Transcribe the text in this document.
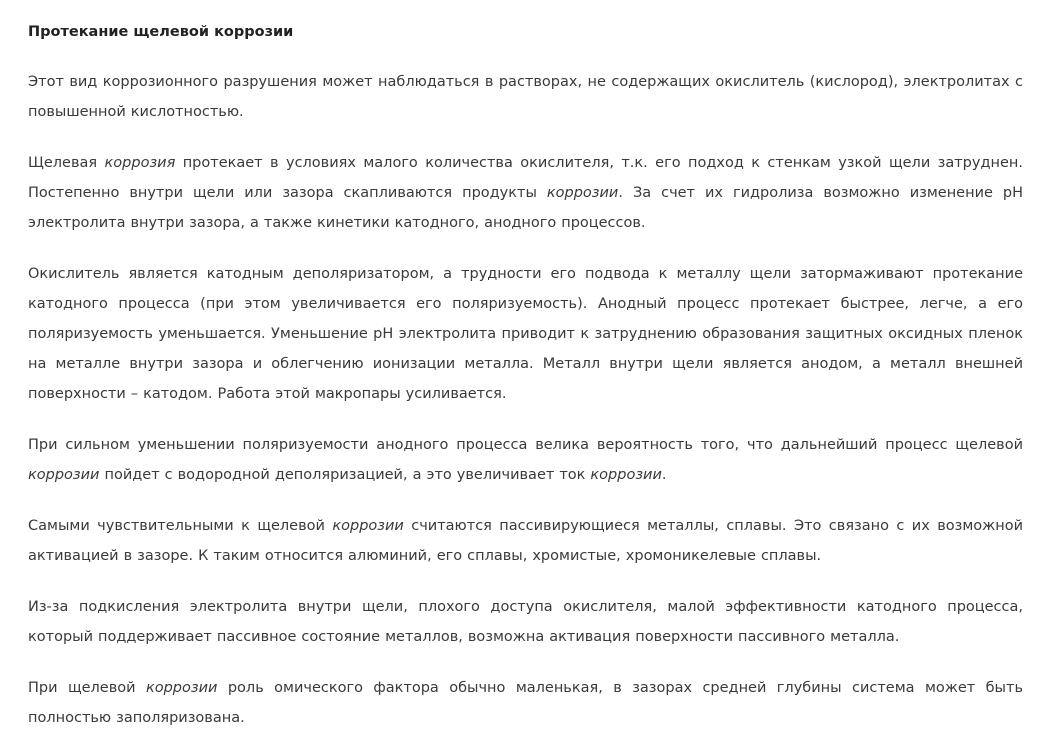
Протекание щелевой коррозии

Этот вид коррозионного разрушения может наблюдаться в растворах, не содержащих окислитель (кислород), электролитах с повышенной кислотностью.

Щелевая коррозия протекает в условиях малого количества окислителя, т.к. его подход к стенкам узкой щели затруднен. Постепенно внутри щели или зазора скапливаются продукты коррозии. За счет их гидролиза возможно изменение pH электролита внутри зазора, а также кинетики катодного, анодного процессов.

Окислитель является катодным деполяризатором, а трудности его подвода к металлу щели затормаживают протекание катодного процесса (при этом увеличивается его поляризуемость). Анодный процесс протекает быстрее, легче, а его поляризуемость уменьшается. Уменьшение pH электролита приводит к затруднению образования защитных оксидных пленок на металле внутри зазора и облегчению ионизации металла. Металл внутри щели является анодом, а металл внешней поверхности – катодом. Работа этой макропары усиливается.

При сильном уменьшении поляризуемости анодного процесса велика вероятность того, что дальнейший процесс щелевой коррозии пойдет с водородной деполяризацией, а это увеличивает ток коррозии.

Самыми чувствительными к щелевой коррозии считаются пассивирующиеся металлы, сплавы. Это связано с их возможной активацией в зазоре. К таким относится алюминий, его сплавы, хромистые, хромоникелевые сплавы.

Из-за подкисления электролита внутри щели, плохого доступа окислителя, малой эффективности катодного процесса, который поддерживает пассивное состояние металлов, возможна активация поверхности пассивного металла.

При щелевой коррозии роль омического фактора обычно маленькая, в зазорах средней глубины система может быть полностью заполяризована.
